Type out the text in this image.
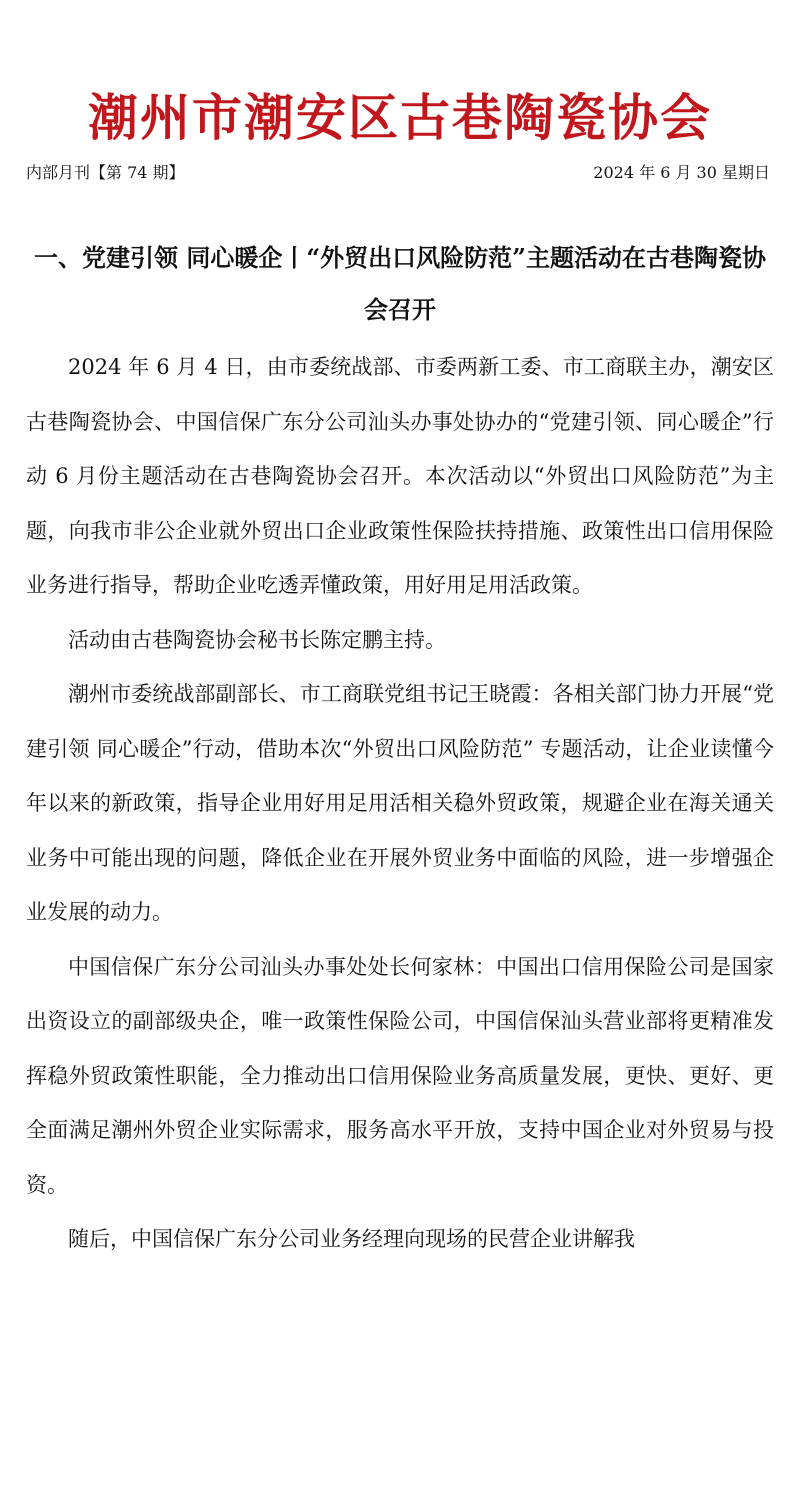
潮州市潮安区古巷陶瓷协会
内部月刊【第 74 期】	2024 年 6 月 30 星期日
一、党建引领 同心暖企丨“外贸出口风险防范”主题活动在古巷陶瓷协会召开

2024 年 6 月 4 日，由市委统战部、市委两新工委、市工商联主办，潮安区古巷陶瓷协会、中国信保广东分公司汕头办事处协办的“党建引领、同心暖企”行动 6 月份主题活动在古巷陶瓷协会召开。本次活动以“外贸出口风险防范”为主题，向我市非公企业就外贸出口企业政策性保险扶持措施、政策性出口信用保险业务进行指导，帮助企业吃透弄懂政策，用好用足用活政策。

活动由古巷陶瓷协会秘书长陈定鹏主持。

潮州市委统战部副部长、市工商联党组书记王晓霞：各相关部门协力开展“党建引领 同心暖企”行动，借助本次“外贸出口风险防范” 专题活动，让企业读懂今年以来的新政策，指导企业用好用足用活相关稳外贸政策，规避企业在海关通关业务中可能出现的问题，降低企业在开展外贸业务中面临的风险，进一步增强企业发展的动力。

中国信保广东分公司汕头办事处处长何家林：中国出口信用保险公司是国家出资设立的副部级央企，唯一政策性保险公司，中国信保汕头营业部将更精准发挥稳外贸政策性职能，全力推动出口信用保险业务高质量发展，更快、更好、更全面满足潮州外贸企业实际需求，服务高水平开放，支持中国企业对外贸易与投资。

随后，中国信保广东分公司业务经理向现场的民营企业讲解我
